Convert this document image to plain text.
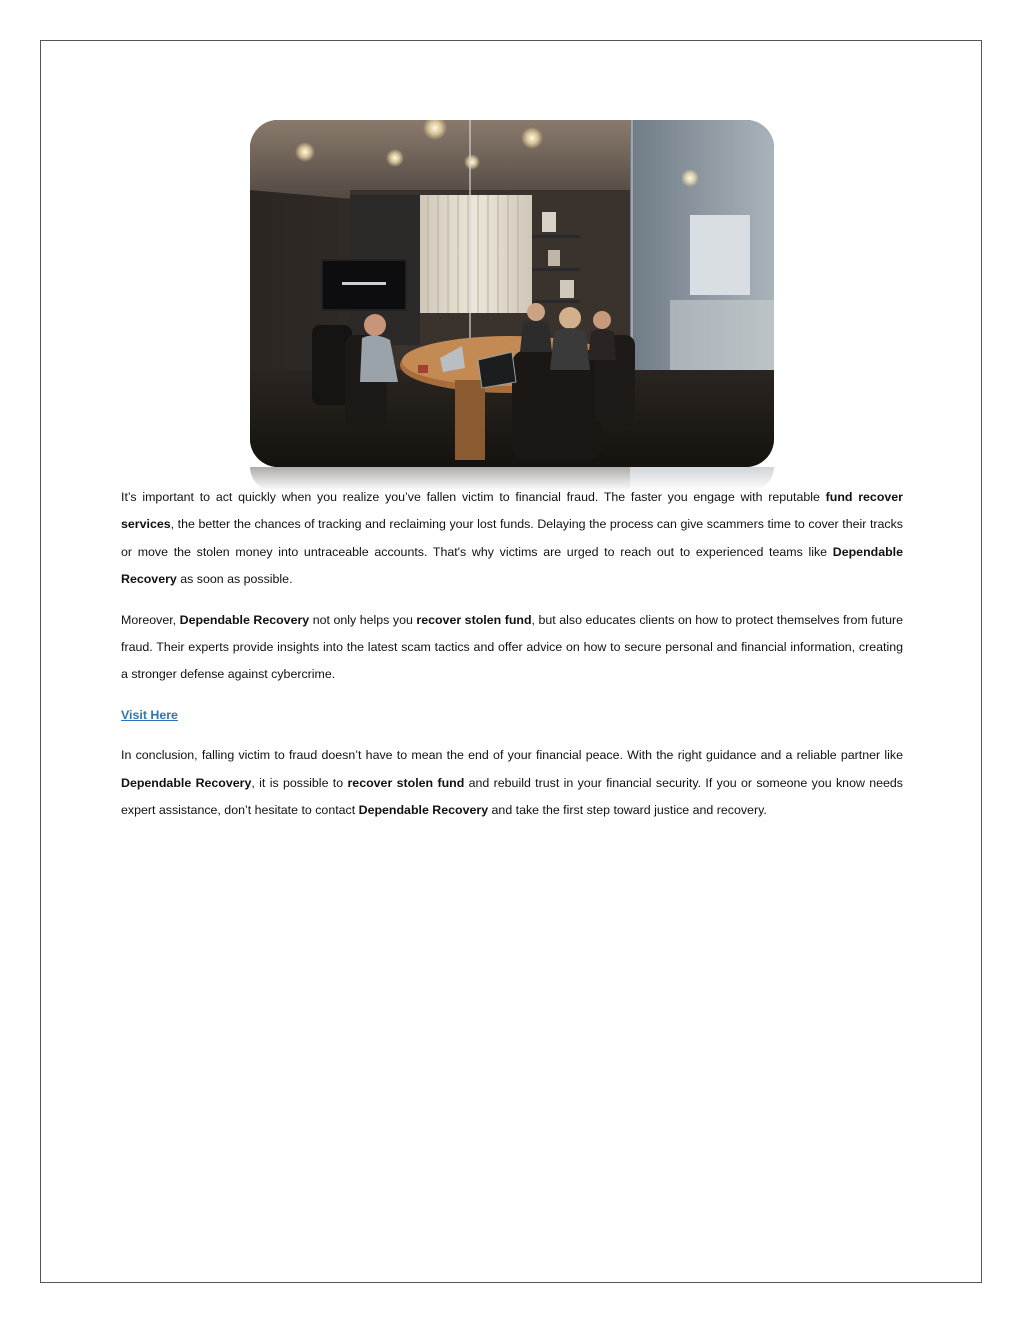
It’s important to act quickly when you realize you’ve fallen victim to financial fraud. The faster you engage with reputable fund recover services, the better the chances of tracking and reclaiming your lost funds. Delaying the process can give scammers time to cover their tracks or move the stolen money into untraceable accounts. That's why victims are urged to reach out to experienced teams like Dependable Recovery as soon as possible.

Moreover, Dependable Recovery not only helps you recover stolen fund, but also educates clients on how to protect themselves from future fraud. Their experts provide insights into the latest scam tactics and offer advice on how to secure personal and financial information, creating a stronger defense against cybercrime.

Visit Here

In conclusion, falling victim to fraud doesn’t have to mean the end of your financial peace. With the right guidance and a reliable partner like Dependable Recovery, it is possible to recover stolen fund and rebuild trust in your financial security. If you or someone you know needs expert assistance, don’t hesitate to contact Dependable Recovery and take the first step toward justice and recovery.
